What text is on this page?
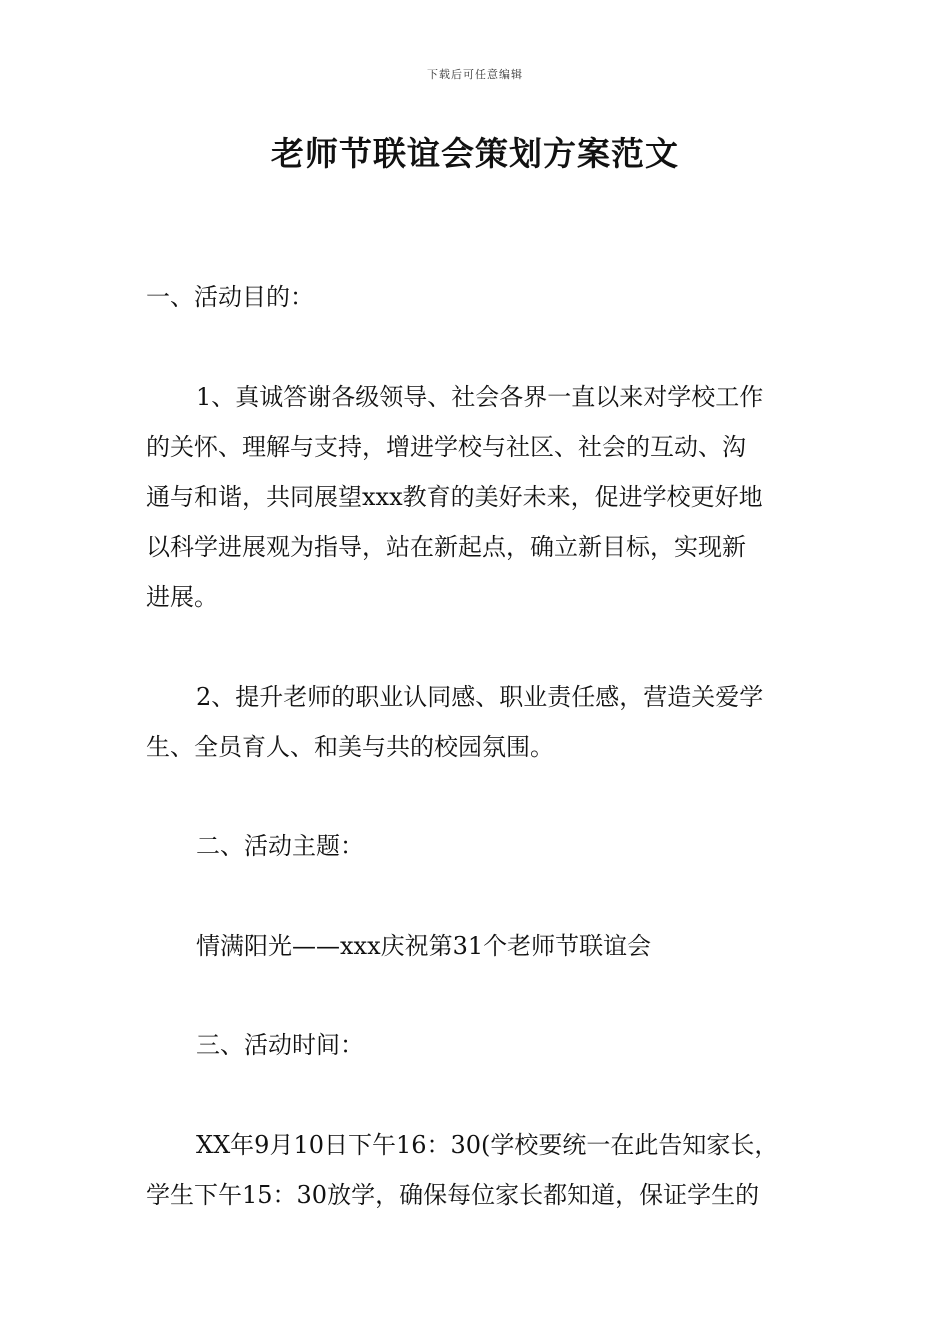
下载后可任意编辑
老师节联谊会策划方案范文

一、活动目的：

1、真诚答谢各级领导、社会各界一直以来对学校工作
的关怀、理解与支持，增进学校与社区、社会的互动、沟
通与和谐，共同展望xxx教育的美好未来，促进学校更好地
以科学进展观为指导，站在新起点，确立新目标，实现新
进展。
2、提升老师的职业认同感、职业责任感，营造关爱学
生、全员育人、和美与共的校园氛围。

二、活动主题：

情满阳光——xxx庆祝第31个老师节联谊会

三、活动时间：

XX年9月10日下午16：30(学校要统一在此告知家长，
学生下午15：30放学，确保每位家长都知道，保证学生的
